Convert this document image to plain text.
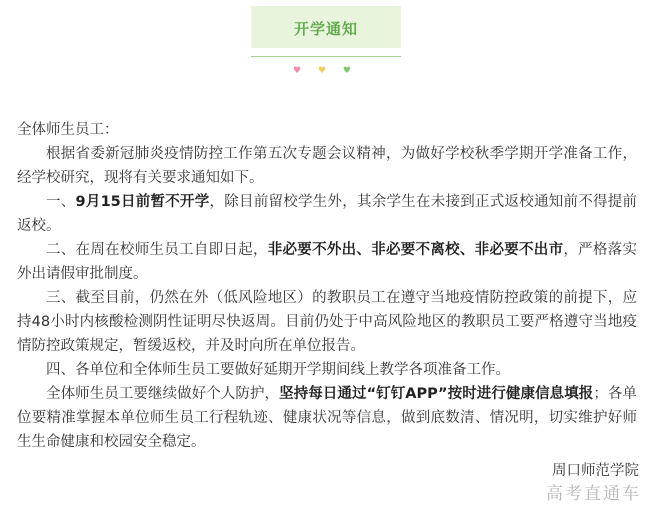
开学通知
♥ ♥ ♥

全体师生员工：

根据省委新冠肺炎疫情防控工作第五次专题会议精神，为做好学校秋季学期开学准备工作，经学校研究，现将有关要求通知如下。

一、9月15日前暂不开学，除目前留校学生外，其余学生在未接到正式返校通知前不得提前返校。

二、在周在校师生员工自即日起，非必要不外出、非必要不离校、非必要不出市，严格落实外出请假审批制度。

三、截至目前，仍然在外（低风险地区）的教职员工在遵守当地疫情防控政策的前提下，应持48小时内核酸检测阴性证明尽快返周。目前仍处于中高风险地区的教职员工要严格遵守当地疫情防控政策规定，暂缓返校，并及时向所在单位报告。

四、各单位和全体师生员工要做好延期开学期间线上教学各项准备工作。

全体师生员工要继续做好个人防护，坚持每日通过“钉钉APP”按时进行健康信息填报；各单位要精准掌握本单位师生员工行程轨迹、健康状况等信息，做到底数清、情况明，切实维护好师生生命健康和校园安全稳定。

周口师范学院
高考直通车
